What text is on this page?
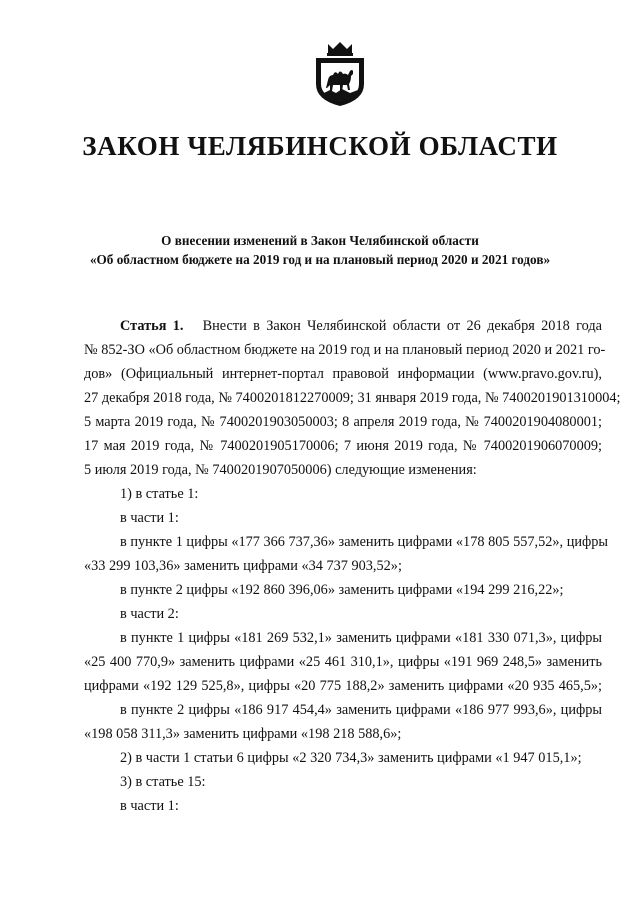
ЗАКОН ЧЕЛЯБИНСКОЙ ОБЛАСТИ
О внесении изменений в Закон Челябинской области
«Об областном бюджете на 2019 год и на плановый период 2020 и 2021 годов»
Статья 1. Внести в Закон Челябинской области от 26 декабря 2018 года
№ 852-ЗО «Об областном бюджете на 2019 год и на плановый период 2020 и 2021 го-
дов» (Официальный интернет-портал правовой информации (www.pravo.gov.ru),
27 декабря 2018 года, № 7400201812270009; 31 января 2019 года, № 7400201901310004;
5 марта 2019 года, № 7400201903050003; 8 апреля 2019 года, № 7400201904080001;
17 мая 2019 года, № 7400201905170006; 7 июня 2019 года, № 7400201906070009;
5 июля 2019 года, № 7400201907050006) следующие изменения:
1) в статье 1:
в части 1:
в пункте 1 цифры «177 366 737,36» заменить цифрами «178 805 557,52», цифры
«33 299 103,36» заменить цифрами «34 737 903,52»;
в пункте 2 цифры «192 860 396,06» заменить цифрами «194 299 216,22»;
в части 2:
в пункте 1 цифры «181 269 532,1» заменить цифрами «181 330 071,3», цифры
«25 400 770,9» заменить цифрами «25 461 310,1», цифры «191 969 248,5» заменить
цифрами «192 129 525,8», цифры «20 775 188,2» заменить цифрами «20 935 465,5»;
в пункте 2 цифры «186 917 454,4» заменить цифрами «186 977 993,6», цифры
«198 058 311,3» заменить цифрами «198 218 588,6»;
2) в части 1 статьи 6 цифры «2 320 734,3» заменить цифрами «1 947 015,1»;
3) в статье 15:
в части 1:
